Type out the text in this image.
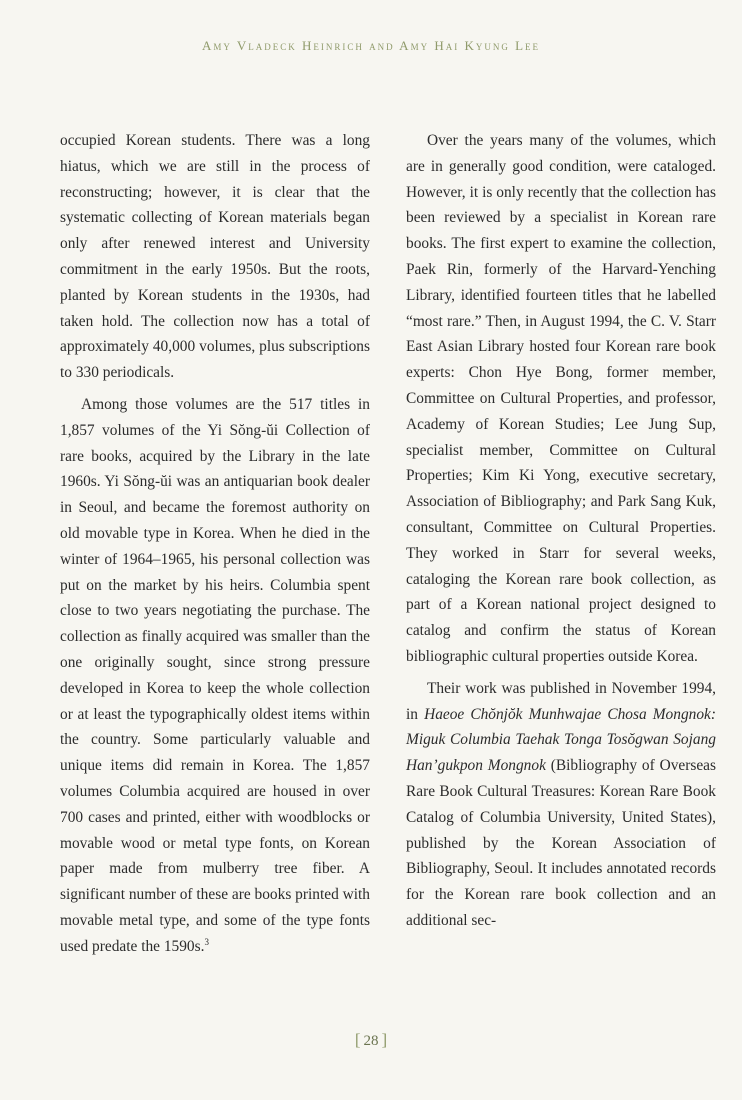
Amy Vladeck Heinrich and Amy Hai Kyung Lee

occupied Korean students. There was a long hiatus, which we are still in the process of reconstructing; however, it is clear that the systematic collecting of Korean materials began only after renewed interest and University commitment in the early 1950s. But the roots, planted by Korean students in the 1930s, had taken hold. The collection now has a total of approximately 40,000 volumes, plus subscriptions to 330 periodicals.

Among those volumes are the 517 titles in 1,857 volumes of the Yi Sŏng-ŭi Collection of rare books, acquired by the Library in the late 1960s. Yi Sŏng-ŭi was an antiquarian book dealer in Seoul, and became the foremost authority on old movable type in Korea. When he died in the winter of 1964–1965, his personal collection was put on the market by his heirs. Columbia spent close to two years negotiating the purchase. The collection as finally acquired was smaller than the one originally sought, since strong pressure developed in Korea to keep the whole collection or at least the typographically oldest items within the country. Some particularly valuable and unique items did remain in Korea. The 1,857 volumes Columbia acquired are housed in over 700 cases and printed, either with woodblocks or movable wood or metal type fonts, on Korean paper made from mulberry tree fiber. A significant number of these are books printed with movable metal type, and some of the type fonts used predate the 1590s.$^3$

Over the years many of the volumes, which are in generally good condition, were cataloged. However, it is only recently that the collection has been reviewed by a specialist in Korean rare books. The first expert to examine the collection, Paek Rin, formerly of the Harvard-Yenching Library, identified fourteen titles that he labelled “most rare.” Then, in August 1994, the C. V. Starr East Asian Library hosted four Korean rare book experts: Chon Hye Bong, former member, Committee on Cultural Properties, and professor, Academy of Korean Studies; Lee Jung Sup, specialist member, Committee on Cultural Properties; Kim Ki Yong, executive secretary, Association of Bibliography; and Park Sang Kuk, consultant, Committee on Cultural Properties. They worked in Starr for several weeks, cataloging the Korean rare book collection, as part of a Korean national project designed to catalog and confirm the status of Korean bibliographic cultural properties outside Korea.

Their work was published in November 1994, in Haeoe Chŏnjŏk Munhwajae Chosa Mongnok: Miguk Columbia Taehak Tonga Tosŏgwan Sojang Han’gukpon Mongnok (Bibliography of Overseas Rare Book Cultural Treasures: Korean Rare Book Catalog of Columbia University, United States), published by the Korean Association of Bibliography, Seoul. It includes annotated records for the Korean rare book collection and an additional sec-

[ 28 ]
